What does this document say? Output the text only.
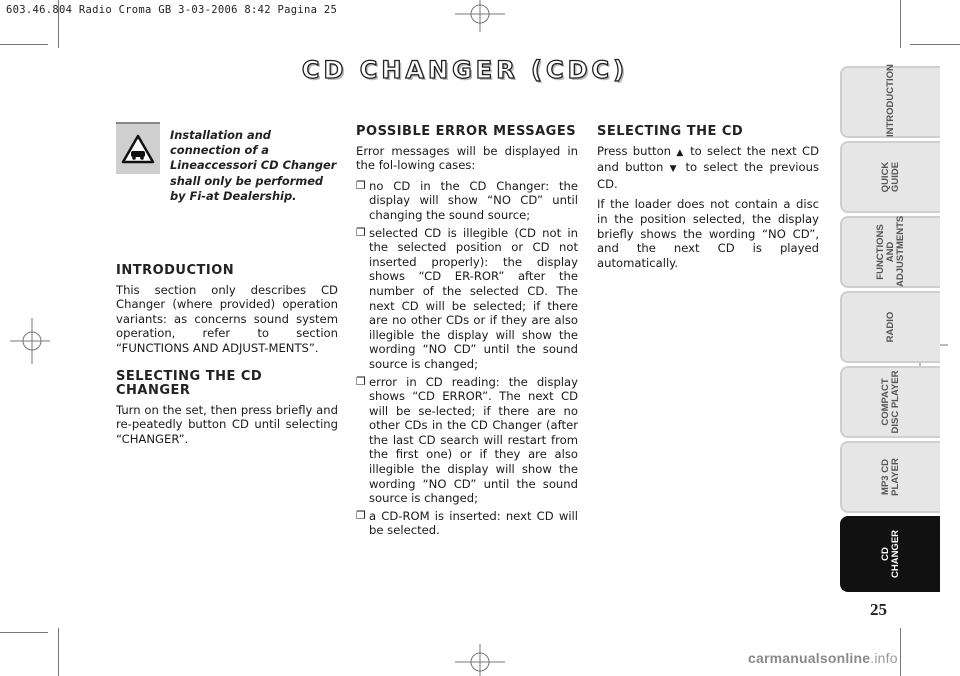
603.46.804 Radio Croma GB 3-03-2006 8:42 Pagina 25
CD CHANGER (CDC)
Installation and connection of a Lineaccessori CD Changer shall only be performed by Fi-at Dealership.
INTRODUCTION

This section only describes CD Changer (where provided) operation variants: as concerns sound system operation, refer to section “FUNCTIONS AND ADJUST-MENTS”.

SELECTING THE CD CHANGER

Turn on the set, then press briefly and re-peatedly button CD until selecting “CHANGER”.

POSSIBLE ERROR MESSAGES

Error messages will be displayed in the fol-lowing cases:

❐ no CD in the CD Changer: the display will show “NO CD” until changing the sound source;
❐ selected CD is illegible (CD not in the selected position or CD not inserted properly): the display shows “CD ER-ROR” after the number of the selected CD. The next CD will be selected; if there are no other CDs or if they are also illegible the display will show the wording “NO CD” until the sound source is changed;
❐ error in CD reading: the display shows “CD ERROR”. The next CD will be se-lected; if there are no other CDs in the CD Changer (after the last CD search will restart from the first one) or if they are also illegible the display will show the wording “NO CD” until the sound source is changed;
❐ a CD-ROM is inserted: next CD will be selected.
SELECTING THE CD

Press button ▲ to select the next CD and button ▼ to select the previous CD.

If the loader does not contain a disc in the position selected, the display briefly shows the wording “NO CD”, and the next CD is played automatically.

INTRODUCTION
QUICK
GUIDE
FUNCTIONS AND
ADJUSTMENTS
RADIO
COMPACT
DISC PLAYER
MP3 CD
PLAYER
CD
CHANGER
25
carmanualsonline.info
